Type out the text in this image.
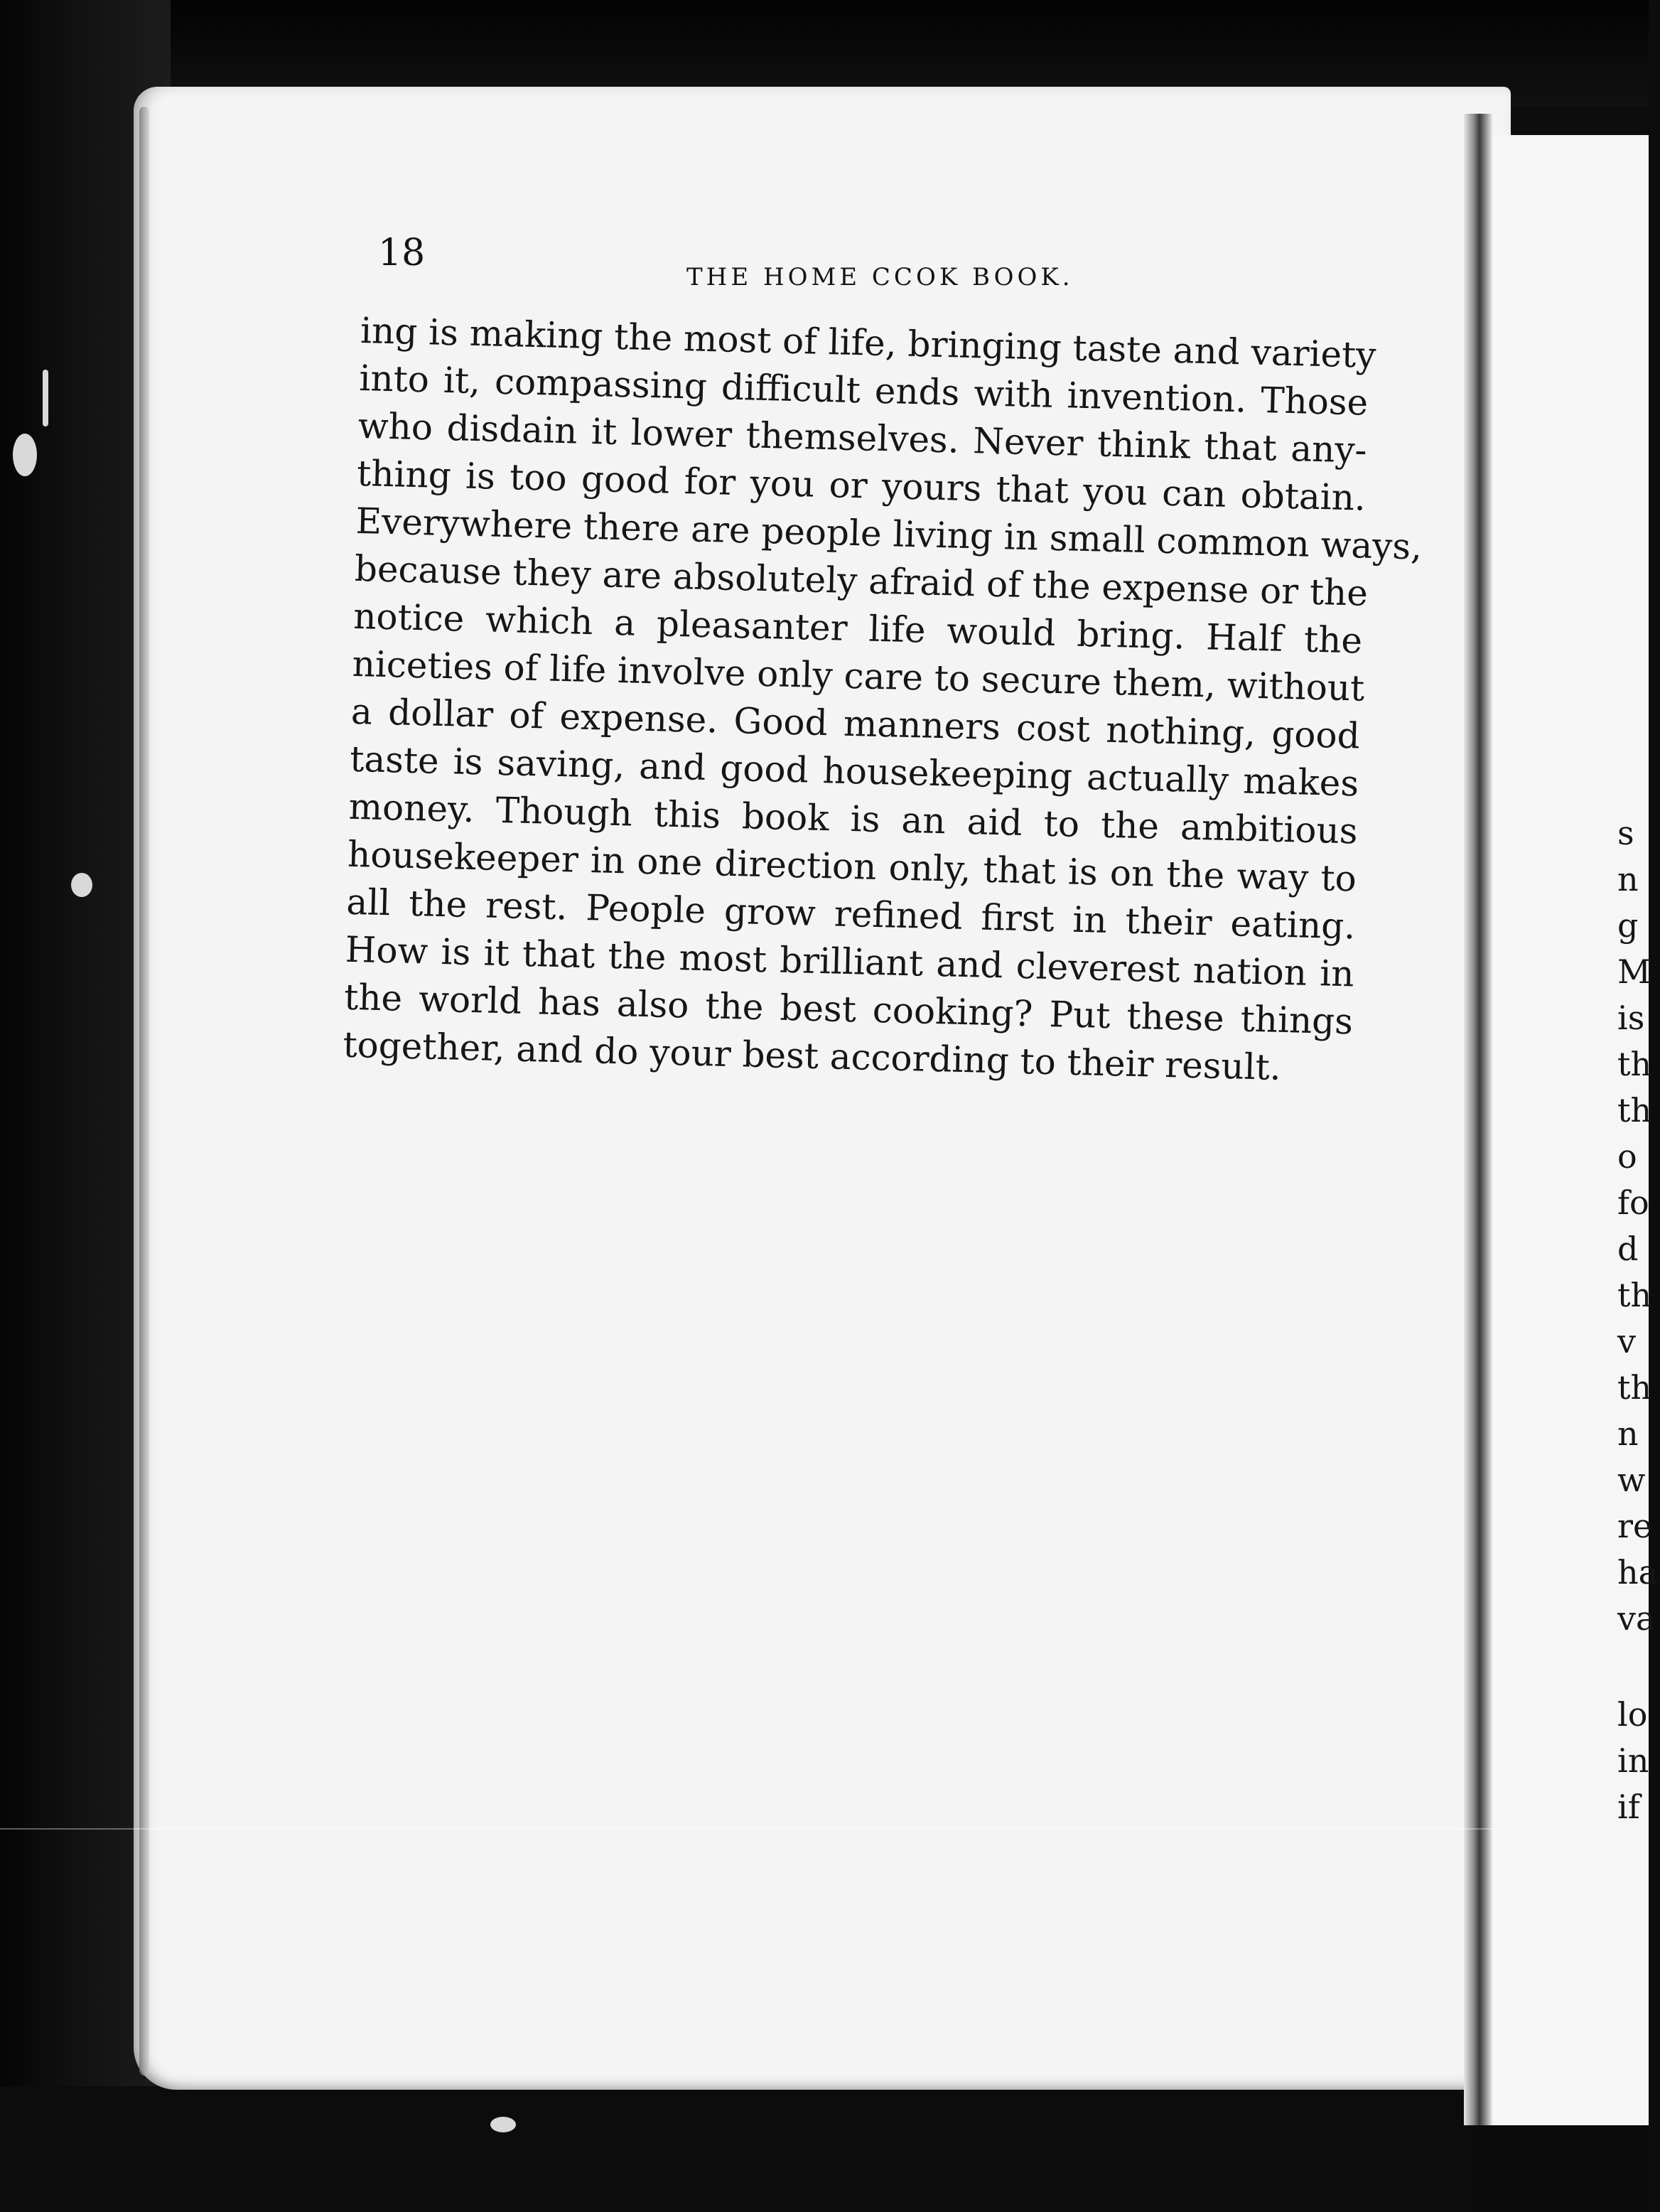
18
THE HOME CCOK BOOK.
ing is making the most of life, bringing taste and variety
into it, compassing difficult ends with invention. Those
who disdain it lower themselves. Never think that any-
thing is too good for you or yours that you can obtain.
Everywhere there are people living in small common ways,
because they are absolutely afraid of the expense or the
notice which a pleasanter life would bring. Half the
niceties of life involve only care to secure them, without
a dollar of expense. Good manners cost nothing, good
taste is saving, and good housekeeping actually makes
money. Though this book is an aid to the ambitious
housekeeper in one direction only, that is on the way to
all the rest. People grow refined first in their eating.
How is it that the most brilliant and cleverest nation in
the world has also the best cooking? Put these things
together, and do your best according to their result.
s
n
g
M
is
th
th
o
fo
d
th
v
th
n
w
re
ha
va
lo
in
if
